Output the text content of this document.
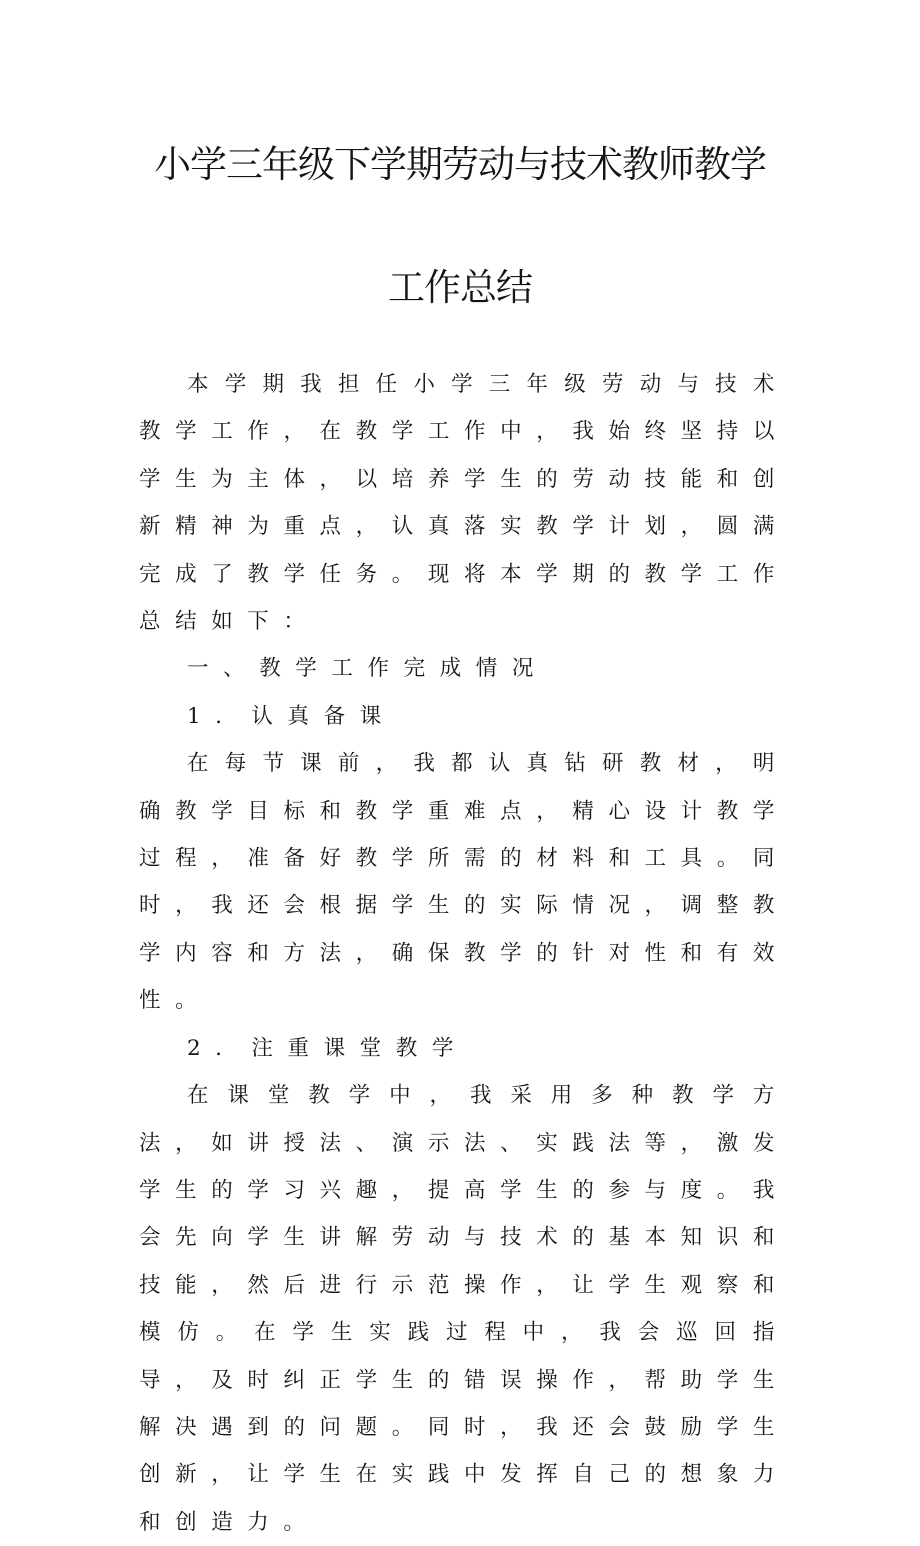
小学三年级下学期劳动与技术教师教学
工作总结

本学期我担任小学三年级劳动与技术教学工作，在教学工作中，我始终坚持以学生为主体，以培养学生的劳动技能和创新精神为重点，认真落实教学计划，圆满完成了教学任务。现将本学期的教学工作总结如下：

一、教学工作完成情况

1．认真备课

在每节课前，我都认真钻研教材，明确教学目标和教学重难点，精心设计教学过程，准备好教学所需的材料和工具。同时，我还会根据学生的实际情况，调整教学内容和方法，确保教学的针对性和有效性。

2．注重课堂教学

在课堂教学中，我采用多种教学方法，如讲授法、演示法、实践法等，激发学生的学习兴趣，提高学生的参与度。我会先向学生讲解劳动与技术的基本知识和技能，然后进行示范操作，让学生观察和模仿。在学生实践过程中，我会巡回指导，及时纠正学生的错误操作，帮助学生解决遇到的问题。同时，我还会鼓励学生创新，让学生在实践中发挥自己的想象力和创造力。
